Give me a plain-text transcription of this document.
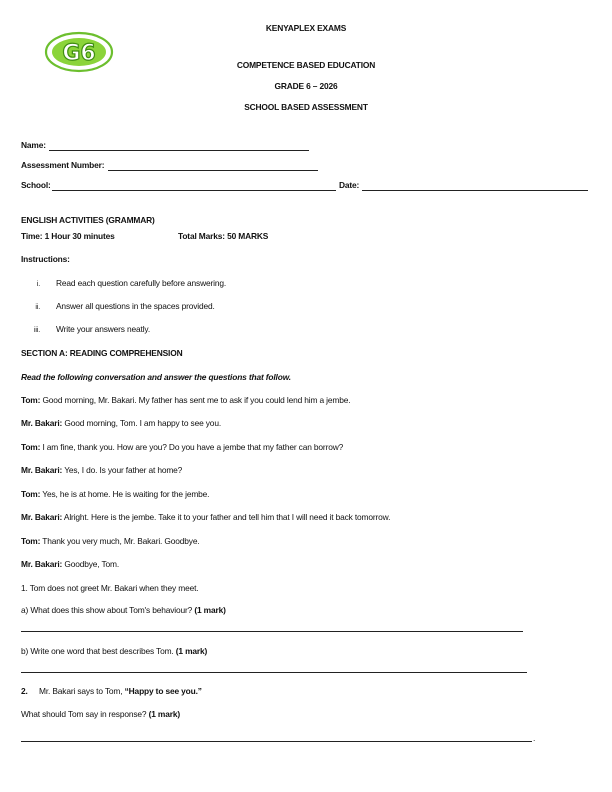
G6
KENYAPLEX EXAMS
COMPETENCE BASED EDUCATION
GRADE 6 – 2026
SCHOOL BASED ASSESSMENT
Name:
Assessment Number:
School:	Date:
ENGLISH ACTIVITIES (GRAMMAR)
Time: 1 Hour 30 minutes	Total Marks: 50 MARKS
Instructions:
i. Read each question carefully before answering.
ii. Answer all questions in the spaces provided.
iii. Write your answers neatly.
SECTION A: READING COMPREHENSION
Read the following conversation and answer the questions that follow.
Tom: Good morning, Mr. Bakari. My father has sent me to ask if you could lend him a jembe.
Mr. Bakari: Good morning, Tom. I am happy to see you.
Tom: I am fine, thank you. How are you? Do you have a jembe that my father can borrow?
Mr. Bakari: Yes, I do. Is your father at home?
Tom: Yes, he is at home. He is waiting for the jembe.
Mr. Bakari: Alright. Here is the jembe. Take it to your father and tell him that I will need it back tomorrow.
Tom: Thank you very much, Mr. Bakari. Goodbye.
Mr. Bakari: Goodbye, Tom.
1. Tom does not greet Mr. Bakari when they meet.
a) What does this show about Tom's behaviour? (1 mark)
b) Write one word that best describes Tom. (1 mark)
2. Mr. Bakari says to Tom, “Happy to see you.”
What should Tom say in response? (1 mark)
.
